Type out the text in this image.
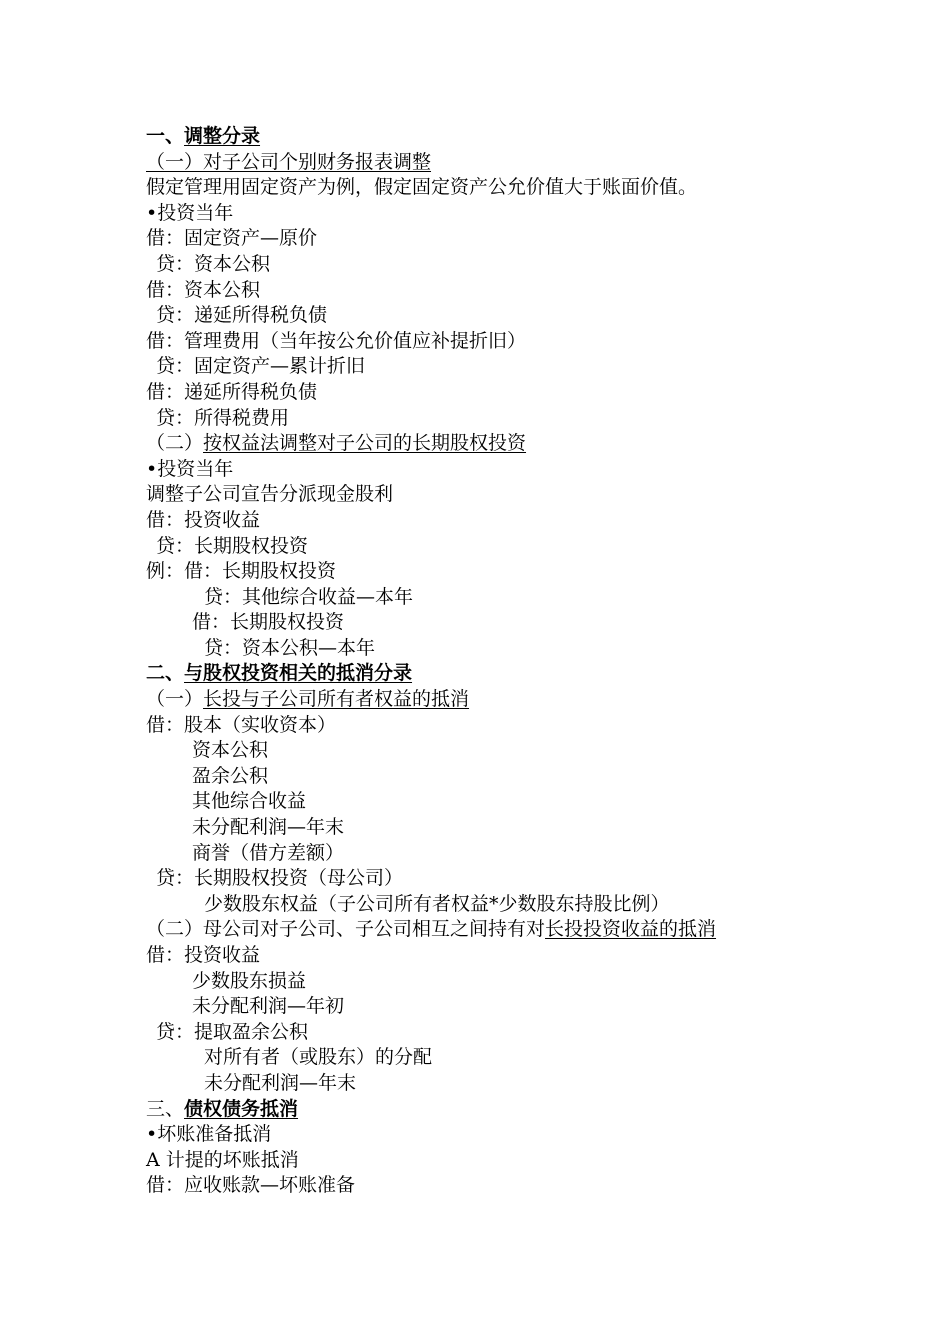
一、调整分录
（一）对子公司个别财务报表调整
假定管理用固定资产为例，假定固定资产公允价值大于账面价值。
•投资当年
借：固定资产—原价
贷：资本公积
借：资本公积
贷：递延所得税负债
借：管理费用（当年按公允价值应补提折旧）
贷：固定资产—累计折旧
借：递延所得税负债
贷：所得税费用
（二）按权益法调整对子公司的长期股权投资
•投资当年
调整子公司宣告分派现金股利
借：投资收益
贷：长期股权投资
例：借：长期股权投资
贷：其他综合收益—本年
借：长期股权投资
贷：资本公积—本年
二、与股权投资相关的抵消分录
（一）长投与子公司所有者权益的抵消
借：股本（实收资本）
资本公积
盈余公积
其他综合收益
未分配利润—年末
商誉（借方差额）
贷：长期股权投资（母公司）
少数股东权益（子公司所有者权益*少数股东持股比例）
（二）母公司对子公司、子公司相互之间持有对长投投资收益的抵消
借：投资收益
少数股东损益
未分配利润—年初
贷：提取盈余公积
对所有者（或股东）的分配
未分配利润—年末
三、债权债务抵消
•坏账准备抵消
A 计提的坏账抵消
借：应收账款—坏账准备
